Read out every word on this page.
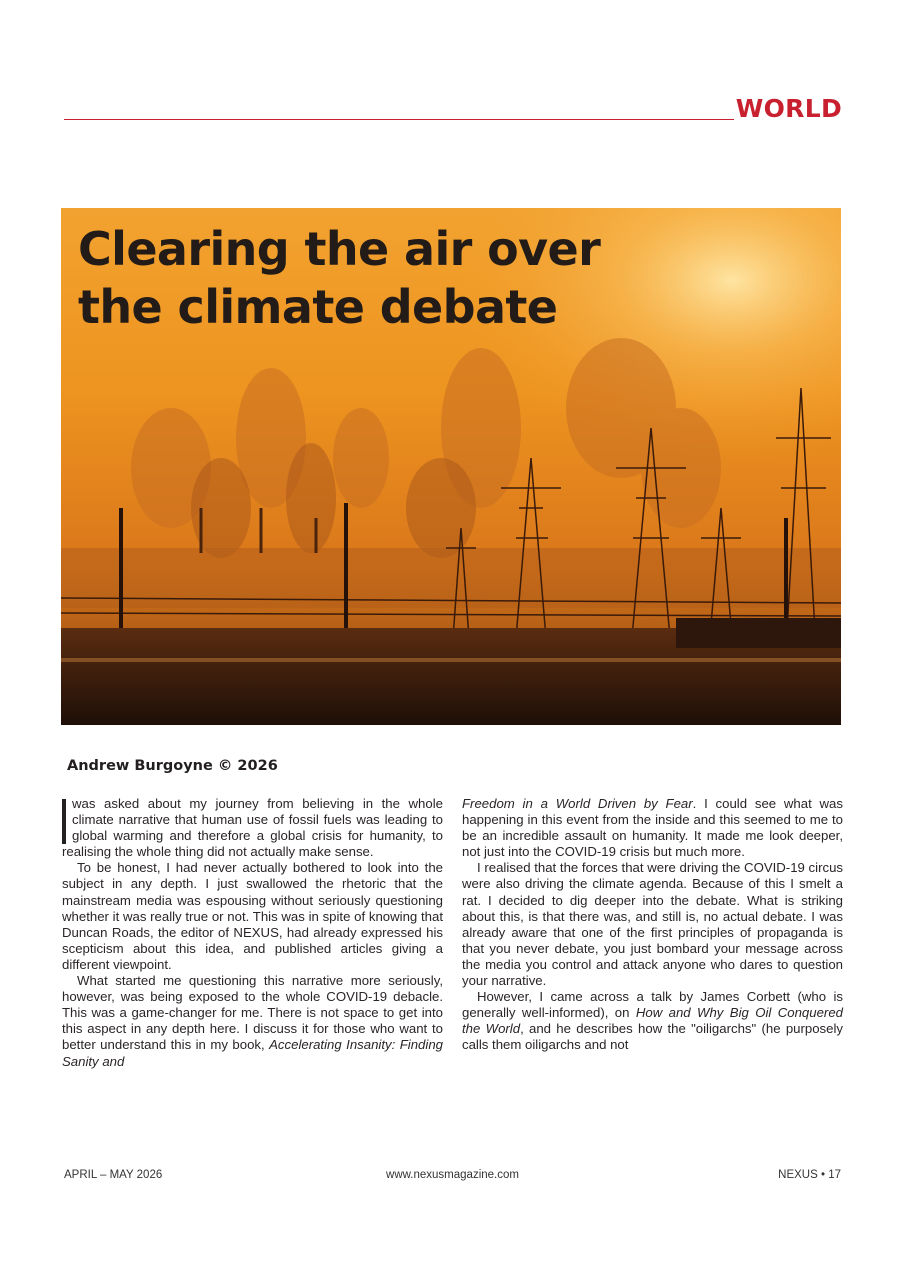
WORLD
Clearing the air over
the climate debate
Andrew Burgoyne © 2026

was asked about my journey from believing in the whole climate narrative that human use of fossil fuels was leading to global warming and therefore a global crisis for humanity, to realising the whole thing did not actually make sense.

To be honest, I had never actually bothered to look into the subject in any depth. I just swallowed the rhetoric that the mainstream media was espousing without seriously questioning whether it was really true or not. This was in spite of knowing that Duncan Roads, the editor of NEXUS, had already expressed his scepticism about this idea, and published articles giving a different viewpoint.

What started me questioning this narrative more seriously, however, was being exposed to the whole COVID-19 debacle. This was a game-changer for me. There is not space to get into this aspect in any depth here. I discuss it for those who want to better understand this in my book, Accelerating Insanity: Finding Sanity and

Freedom in a World Driven by Fear. I could see what was happening in this event from the inside and this seemed to me to be an incredible assault on humanity. It made me look deeper, not just into the COVID-19 crisis but much more.

I realised that the forces that were driving the COVID-19 circus were also driving the climate agenda. Because of this I smelt a rat. I decided to dig deeper into the debate. What is striking about this, is that there was, and still is, no actual debate. I was already aware that one of the first principles of propaganda is that you never debate, you just bombard your message across the media you control and attack anyone who dares to question your narrative.

However, I came across a talk by James Corbett (who is generally well-informed), on How and Why Big Oil Conquered the World, and he describes how the "oiligarchs" (he purposely calls them oiligarchs and not

APRIL – MAY 2026	www.nexusmagazine.com	NEXUS • 17
